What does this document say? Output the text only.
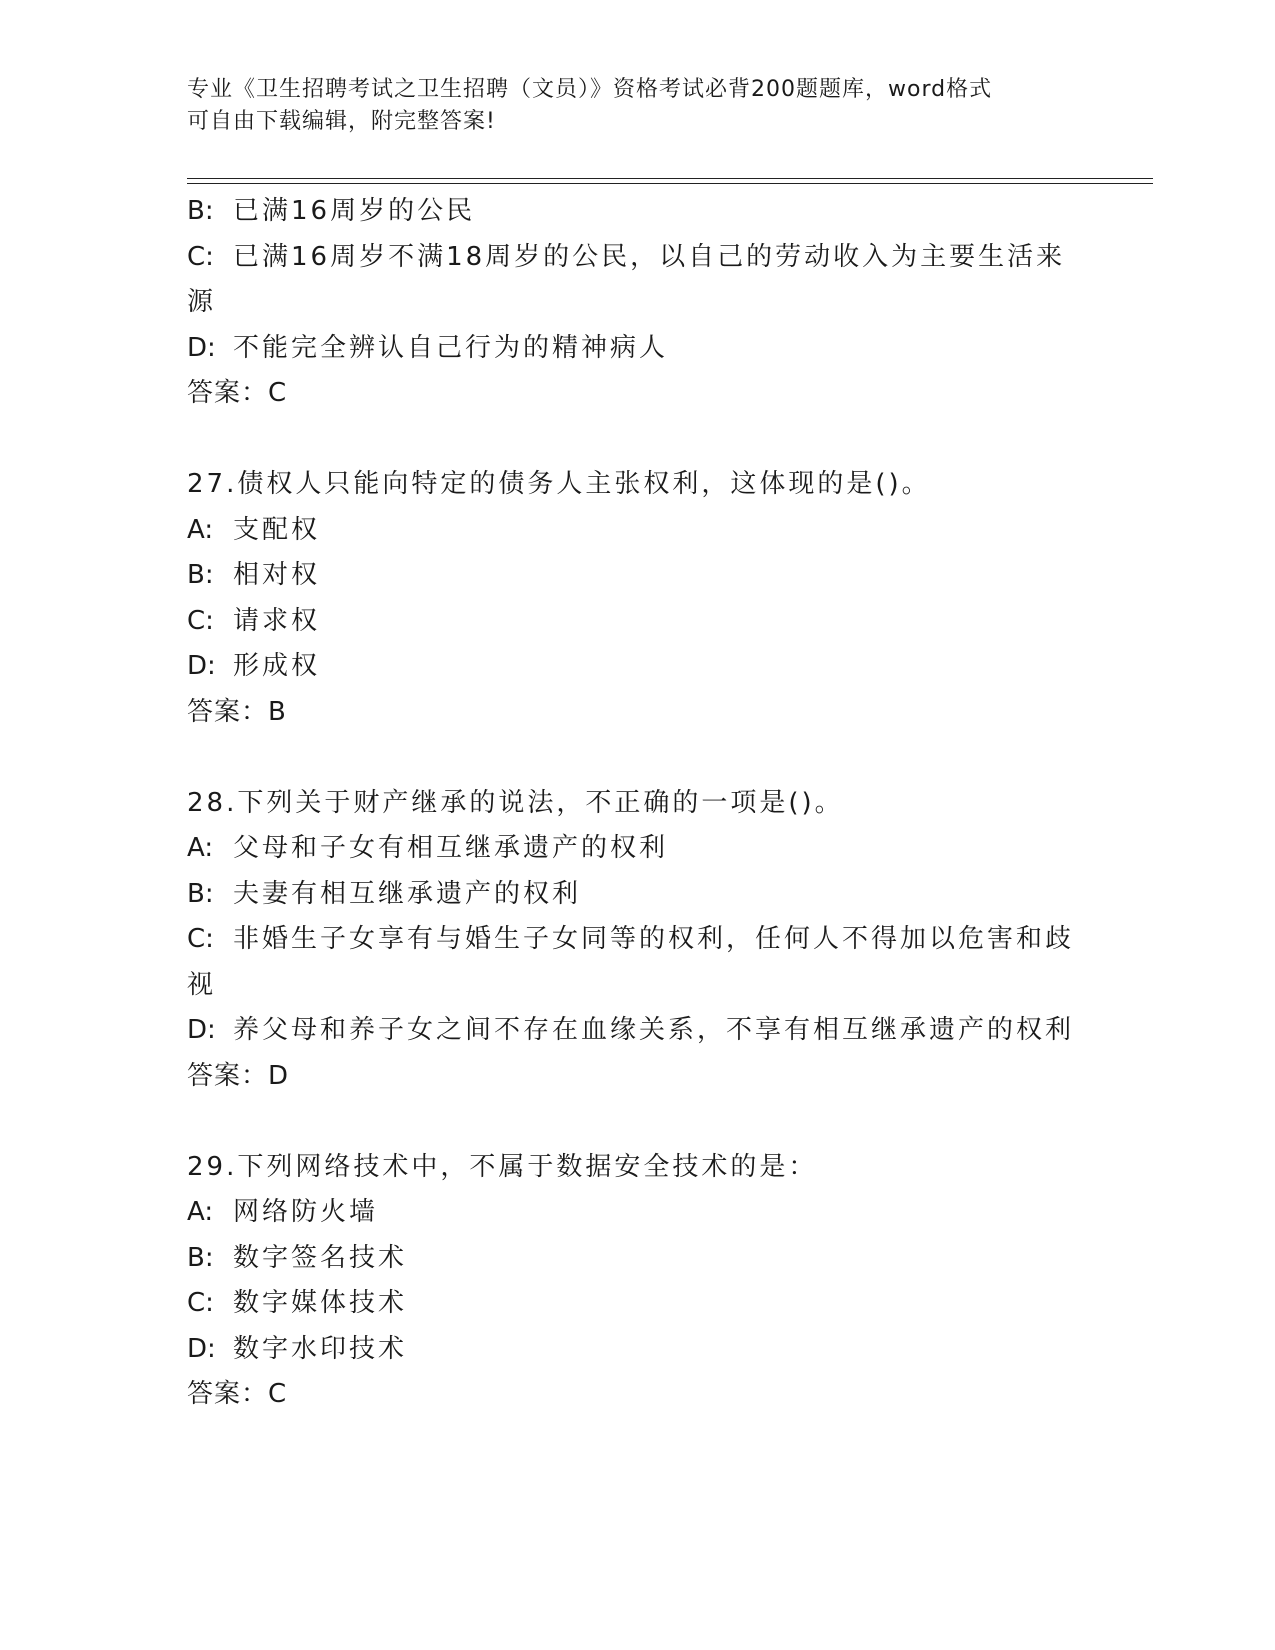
专业《卫生招聘考试之卫生招聘（文员）》资格考试必背200题题库，word格式
可自由下载编辑，附完整答案!
B: 已满16周岁的公民
C: 已满16周岁不满18周岁的公民，以自己的劳动收入为主要生活来
源
D: 不能完全辨认自己行为的精神病人
答案：C
27.债权人只能向特定的债务人主张权利，这体现的是()。
A: 支配权
B: 相对权
C: 请求权
D: 形成权
答案：B
28.下列关于财产继承的说法，不正确的一项是()。
A: 父母和子女有相互继承遗产的权利
B: 夫妻有相互继承遗产的权利
C: 非婚生子女享有与婚生子女同等的权利，任何人不得加以危害和歧
视
D: 养父母和养子女之间不存在血缘关系，不享有相互继承遗产的权利
答案：D
29.下列网络技术中，不属于数据安全技术的是：
A: 网络防火墙
B: 数字签名技术
C: 数字媒体技术
D: 数字水印技术
答案：C
